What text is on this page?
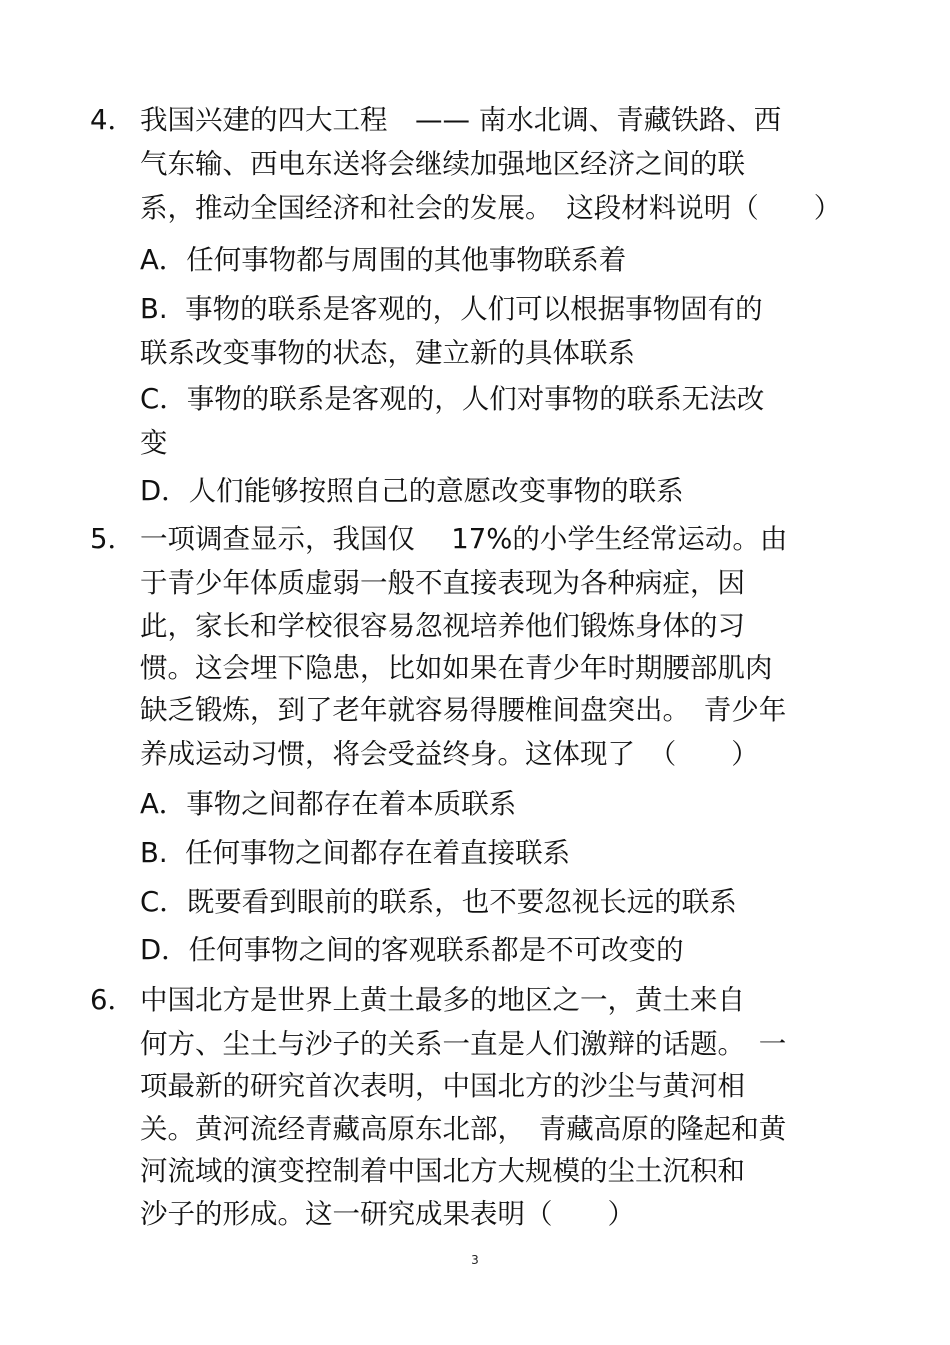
4． 我国兴建的四大工程　—— 南水北调、青藏铁路、西
气东输、西电东送将会继续加强地区经济之间的联
系，推动全国经济和社会的发展。　这段材料说明（　　）
A．任何事物都与周围的其他事物联系着
B.  事物的联系是客观的，人们可以根据事物固有的
联系改变事物的状态，建立新的具体联系
C．事物的联系是客观的，人们对事物的联系无法改
变
D．人们能够按照自己的意愿改变事物的联系
5． 一项调查显示，我国仅　 17%的小学生经常运动。由
于青少年体质虚弱一般不直接表现为各种病症，因
此，家长和学校很容易忽视培养他们锻炼身体的习
惯。这会埋下隐患，比如如果在青少年时期腰部肌肉
缺乏锻炼，到了老年就容易得腰椎间盘突出。　青少年
养成运动习惯，将会受益终身。这体现了　（　　）
A．事物之间都存在着本质联系
B.  任何事物之间都存在着直接联系
C．既要看到眼前的联系，也不要忽视长远的联系
D．任何事物之间的客观联系都是不可改变的
6． 中国北方是世界上黄土最多的地区之一，黄土来自
何方、尘土与沙子的关系一直是人们激辩的话题。　一
项最新的研究首次表明，中国北方的沙尘与黄河相
关。黄河流经青藏高原东北部，　青藏高原的隆起和黄
河流域的演变控制着中国北方大规模的尘土沉积和
沙子的形成。这一研究成果表明（　　）
3
